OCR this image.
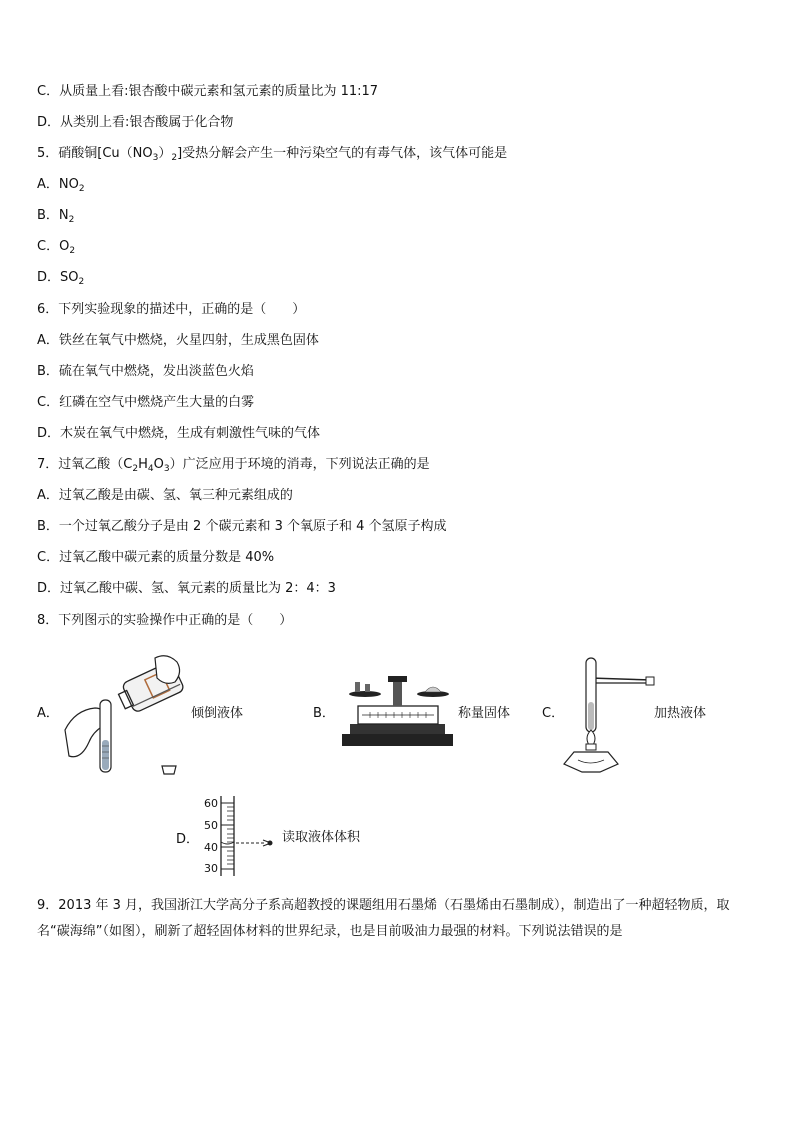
C．从质量上看:银杏酸中碳元素和氢元素的质量比为 11:17
D．从类别上看:银杏酸属于化合物
5．硝酸铜$[Cu(NO_3)_2]$受热分解会产生一种污染空气的有毒气体，该气体可能是
A．$NO_2$
B．$N_2$
C．$O_2$
D．$SO_2$
6．下列实验现象的描述中，正确的是（　　）
A．铁丝在氧气中燃烧，火星四射，生成黑色固体
B．硫在氧气中燃烧，发出淡蓝色火焰
C．红磷在空气中燃烧产生大量的白雾
D．木炭在氧气中燃烧，生成有刺激性气味的气体
7．过氧乙酸$(C_2H_4O_3)$广泛应用于环境的消毒，下列说法正确的是
A．过氧乙酸是由碳、氢、氧三种元素组成的
B．一个过氧乙酸分子是由 2 个碳元素和 3 个氧原子和 4 个氢原子构成
C．过氧乙酸中碳元素的质量分数是 40%
D．过氧乙酸中碳、氢、氧元素的质量比为 2：4：3
8．下列图示的实验操作中正确的是（　　）
A．	倾倒液体	B．	称量固体 C．	加热液体
D．
60
50
40
30
读取液体体积
9．2013 年 3 月，我国浙江大学高分子系高超教授的课题组用石墨烯（石墨烯由石墨制成），制造出了一种超轻物质，取名“碳海绵”（如图），刷新了超轻固体材料的世界纪录，也是目前吸油力最强的材料。下列说法错误的是
